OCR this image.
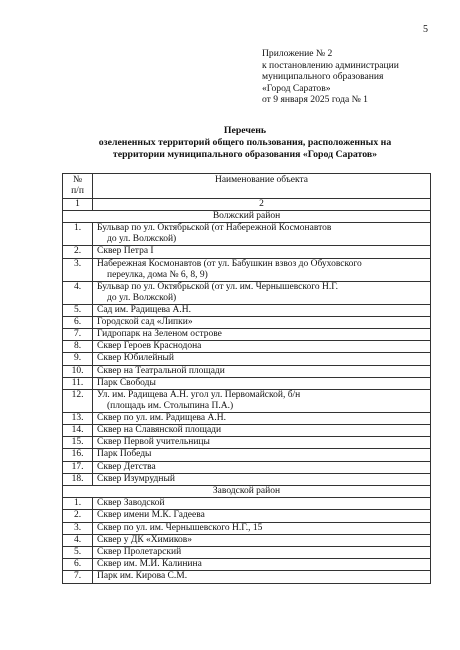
5
Приложение № 2
к постановлению администрации
муниципального образования
«Город Саратов»
от 9 января 2025 года № 1
Перечень
озелененных территорий общего пользования, расположенных на
территории муниципального образования «Город Саратов»
№
п/п	Наименование объекта
1	2
Волжский район	
1.	Бульвар по ул. Октябрьской (от Набережной Космонавтов
до ул. Волжской)

2.	Сквер Петра I

3.	Набережная Космонавтов (от ул. Бабушкин взвоз до Обуховского
переулка, дома № 6, 8, 9)

4.	Бульвар по ул. Октябрьской (от ул. им. Чернышевского Н.Г.
до ул. Волжской)

5.	Сад им. Радищева А.Н.

6.	Городской сад «Липки»

7.	Гидропарк на Зеленом острове

8.	Сквер Героев Краснодона

9.	Сквер Юбилейный

10.	Сквер на Театральной площади

11.	Парк Свободы

12.	Ул. им. Радищева А.Н. угол ул. Первомайской, б/н
(площадь им. Столыпина П.А.)

13.	Сквер по ул. им. Радищева А.Н.

14.	Сквер на Славянской площади

15.	Сквер Первой учительницы

16.	Парк Победы

17.	Сквер Детства

18.	Сквер Изумрудный

Заводской район	
1.	Сквер Заводской

2.	Сквер имени М.К. Гадеева

3.	Сквер по ул. им. Чернышевского Н.Г., 15

4.	Сквер у ДК «Химиков»

5.	Сквер Пролетарский

6.	Сквер им. М.И. Калинина

7.	Парк им. Кирова С.М.
